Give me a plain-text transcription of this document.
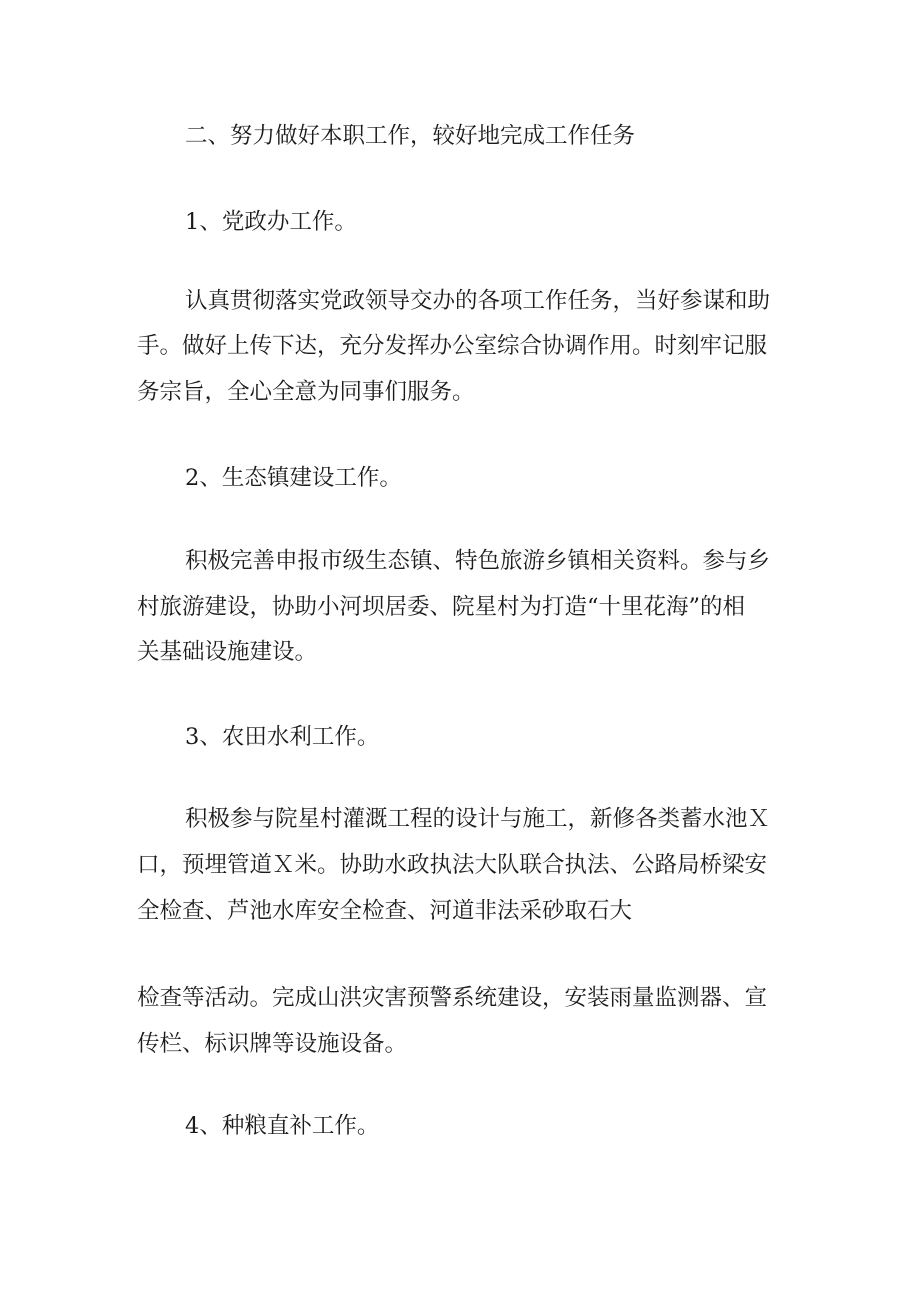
二、努力做好本职工作，较好地完成工作任务
1、党政办工作。
认真贯彻落实党政领导交办的各项工作任务，当好参谋和助
手。做好上传下达，充分发挥办公室综合协调作用。时刻牢记服
务宗旨，全心全意为同事们服务。
2、生态镇建设工作。
积极完善申报市级生态镇、特色旅游乡镇相关资料。参与乡
村旅游建设，协助小河坝居委、院星村为打造“十里花海”的相
关基础设施建设。
3、农田水利工作。
积极参与院星村灌溉工程的设计与施工，新修各类蓄水池Ｘ
口，预埋管道Ｘ米。协助水政执法大队联合执法、公路局桥梁安
全检查、芦池水库安全检查、河道非法采砂取石大
检查等活动。完成山洪灾害预警系统建设，安装雨量监测器、宣
传栏、标识牌等设施设备。
4、种粮直补工作。
